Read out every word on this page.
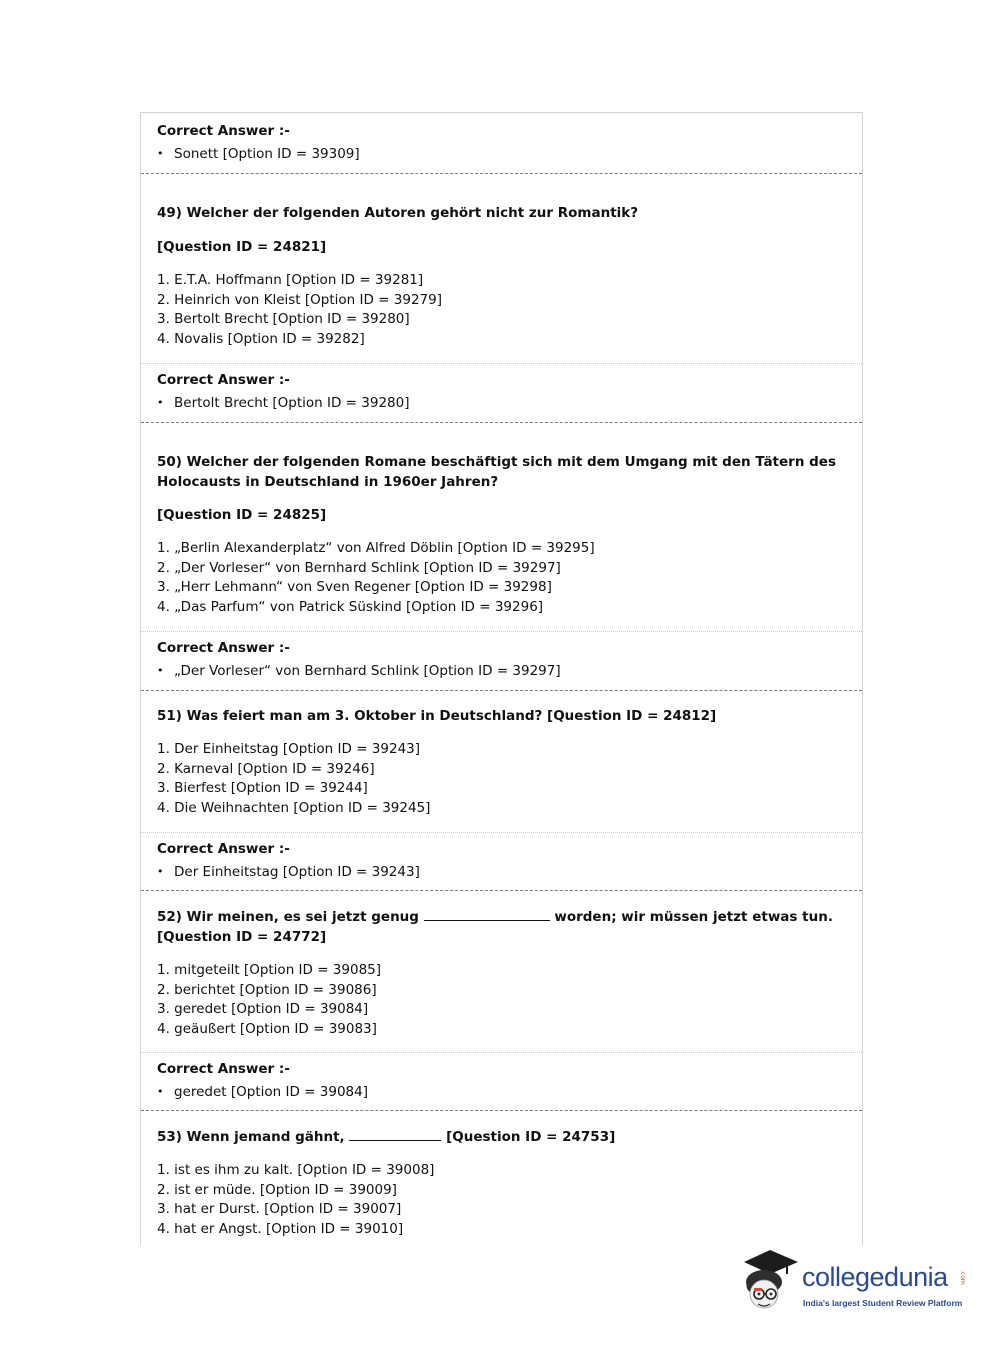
Correct Answer :-
• Sonett [Option ID = 39309]
49) Welcher der folgenden Autoren gehört nicht zur Romantik?
[Question ID = 24821]
1. E.T.A. Hoffmann [Option ID = 39281]
2. Heinrich von Kleist [Option ID = 39279]
3. Bertolt Brecht [Option ID = 39280]
4. Novalis [Option ID = 39282]
Correct Answer :-
• Bertolt Brecht [Option ID = 39280]
50) Welcher der folgenden Romane beschäftigt sich mit dem Umgang mit den Tätern des
Holocausts in Deutschland in 1960er Jahren?
[Question ID = 24825]
1. „Berlin Alexanderplatz“ von Alfred Döblin [Option ID = 39295]
2. „Der Vorleser“ von Bernhard Schlink [Option ID = 39297]
3. „Herr Lehmann“ von Sven Regener [Option ID = 39298]
4. „Das Parfum“ von Patrick Süskind [Option ID = 39296]
Correct Answer :-
• „Der Vorleser“ von Bernhard Schlink [Option ID = 39297]
51) Was feiert man am 3. Oktober in Deutschland? [Question ID = 24812]
1. Der Einheitstag [Option ID = 39243]
2. Karneval [Option ID = 39246]
3. Bierfest [Option ID = 39244]
4. Die Weihnachten [Option ID = 39245]
Correct Answer :-
• Der Einheitstag [Option ID = 39243]
52) Wir meinen, es sei jetzt genug	worden; wir müssen jetzt etwas tun.
[Question ID = 24772]
1. mitgeteilt [Option ID = 39085]
2. berichtet [Option ID = 39086]
3. geredet [Option ID = 39084]
4. geäußert [Option ID = 39083]
Correct Answer :-
• geredet [Option ID = 39084]
53) Wenn jemand gähnt,	[Question ID = 24753]
1. ist es ihm zu kalt. [Option ID = 39008]
2. ist er müde. [Option ID = 39009]
3. hat er Durst. [Option ID = 39007]
4. hat er Angst. [Option ID = 39010]
collegedunia .com
India's largest Student Review Platform
